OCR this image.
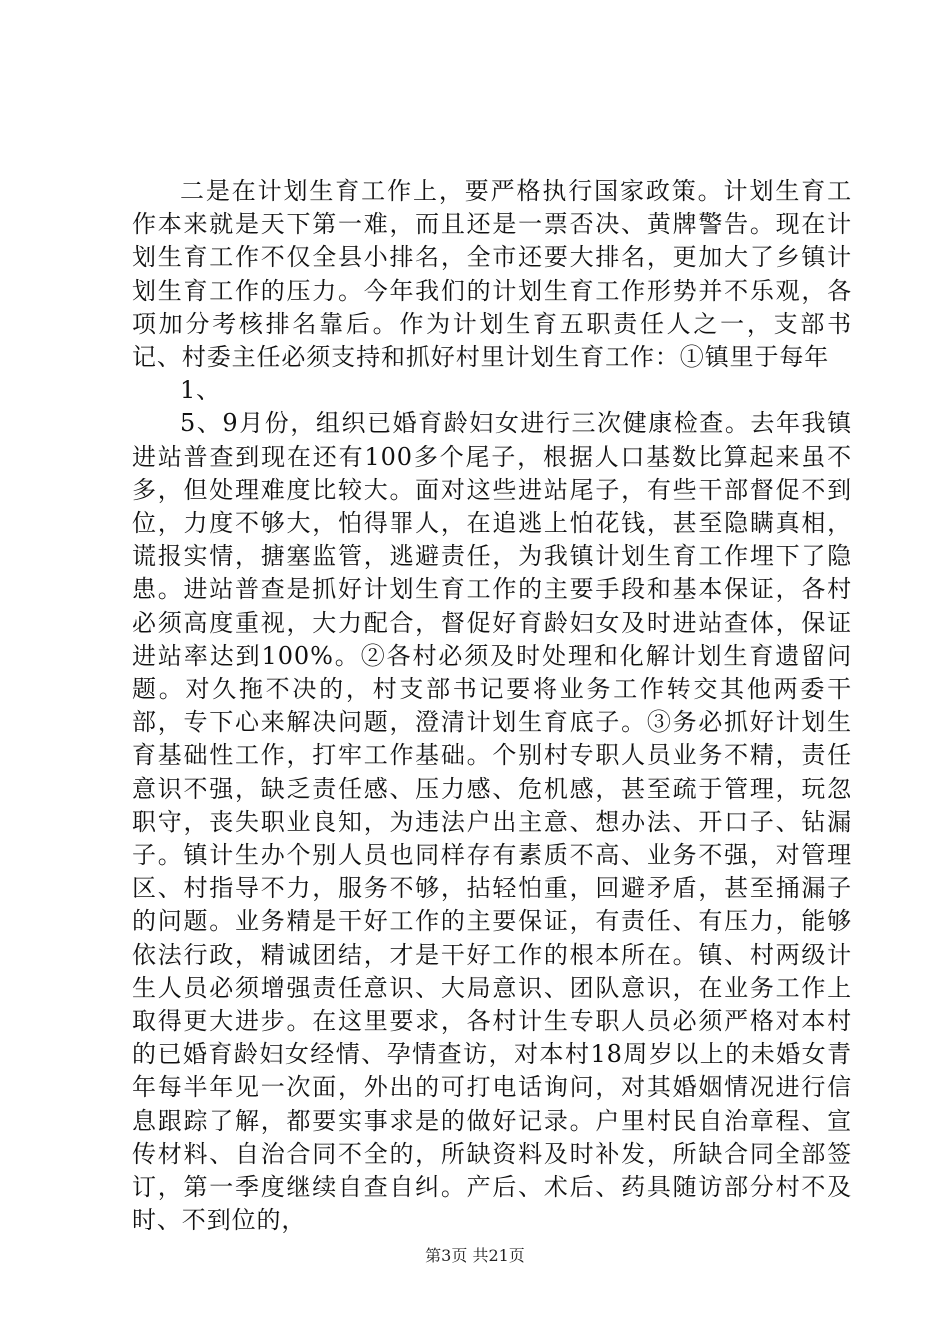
二是在计划生育工作上，要严格执行国家政策。计划生育工作本来就是天下第一难，而且还是一票否决、黄牌警告。现在计划生育工作不仅全县小排名，全市还要大排名，更加大了乡镇计划生育工作的压力。今年我们的计划生育工作形势并不乐观，各项加分考核排名靠后。作为计划生育五职责任人之一，支部书记、村委主任必须支持和抓好村里计划生育工作：①镇里于每年

1、

5、9月份，组织已婚育龄妇女进行三次健康检查。去年我镇进站普查到现在还有100多个尾子，根据人口基数比算起来虽不多，但处理难度比较大。面对这些进站尾子，有些干部督促不到位，力度不够大，怕得罪人，在追逃上怕花钱，甚至隐瞒真相，谎报实情，搪塞监管，逃避责任，为我镇计划生育工作埋下了隐患。进站普查是抓好计划生育工作的主要手段和基本保证，各村必须高度重视，大力配合，督促好育龄妇女及时进站查体，保证进站率达到100%。②各村必须及时处理和化解计划生育遗留问题。对久拖不决的，村支部书记要将业务工作转交其他两委干部，专下心来解决问题，澄清计划生育底子。③务必抓好计划生育基础性工作，打牢工作基础。个别村专职人员业务不精，责任意识不强，缺乏责任感、压力感、危机感，甚至疏于管理，玩忽职守，丧失职业良知，为违法户出主意、想办法、开口子、钻漏子。镇计生办个别人员也同样存有素质不高、业务不强，对管理区、村指导不力，服务不够，拈轻怕重，回避矛盾，甚至捅漏子的问题。业务精是干好工作的主要保证，有责任、有压力，能够依法行政，精诚团结，才是干好工作的根本所在。镇、村两级计生人员必须增强责任意识、大局意识、团队意识，在业务工作上取得更大进步。在这里要求，各村计生专职人员必须严格对本村的已婚育龄妇女经情、孕情查访，对本村18周岁以上的未婚女青年每半年见一次面，外出的可打电话询问，对其婚姻情况进行信息跟踪了解，都要实事求是的做好记录。户里村民自治章程、宣传材料、自治合同不全的，所缺资料及时补发，所缺合同全部签订，第一季度继续自查自纠。产后、术后、药具随访部分村不及时、不到位的，

第3页 共21页
